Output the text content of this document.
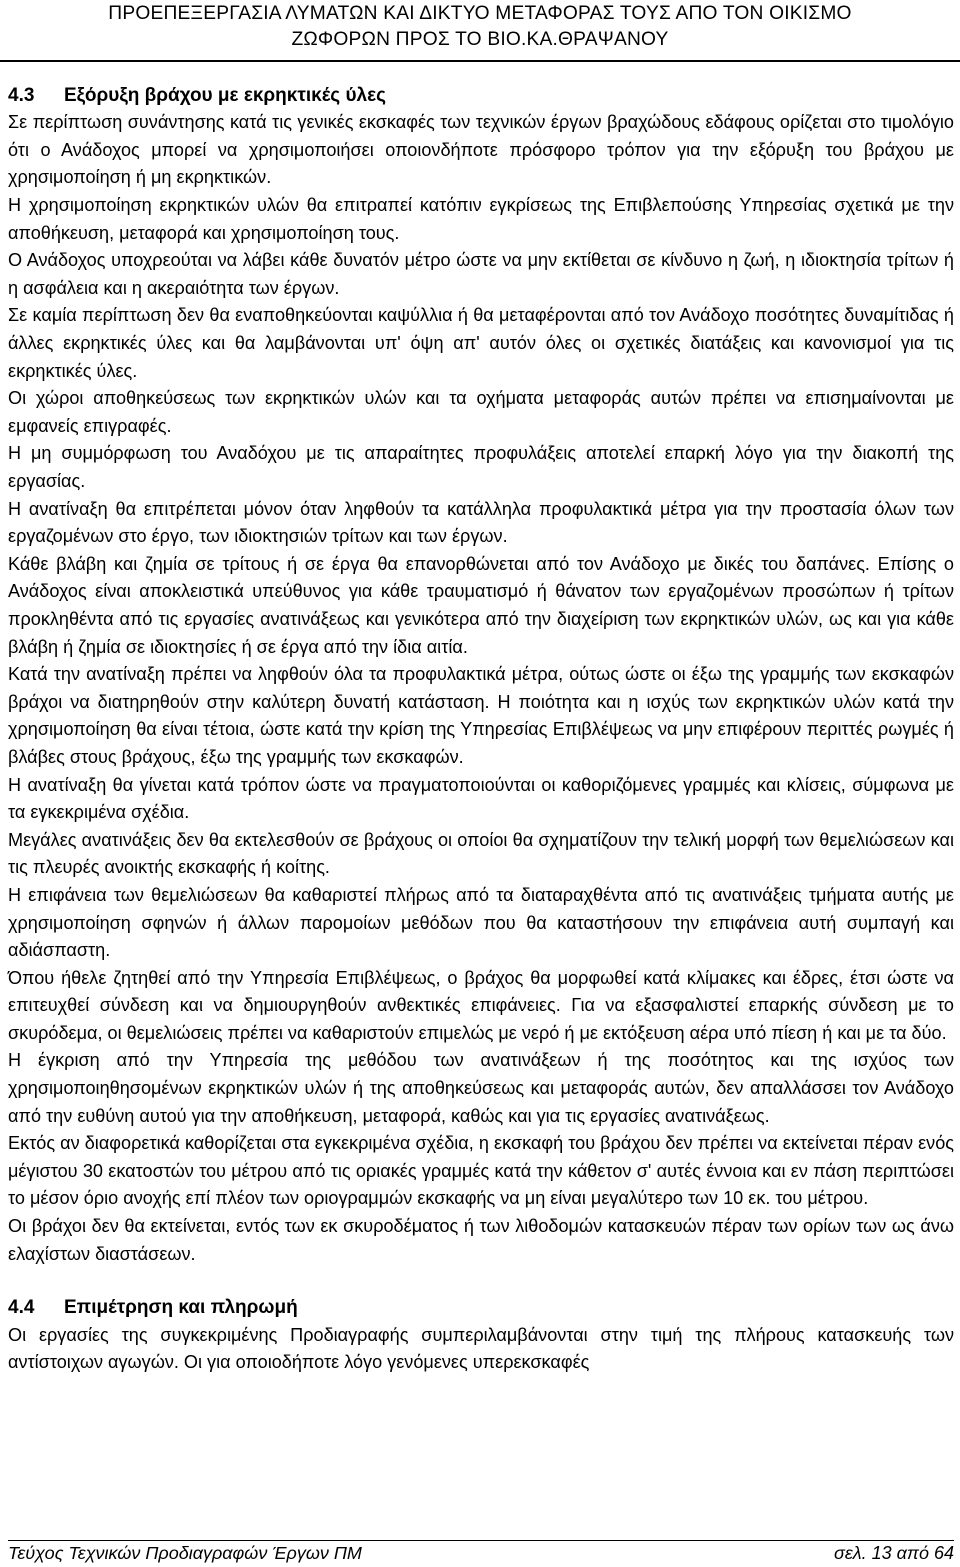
ΠΡΟΕΠΕΞΕΡΓΑΣΙΑ ΛΥΜΑΤΩΝ ΚΑΙ ΔΙΚΤΥΟ ΜΕΤΑΦΟΡΑΣ ΤΟΥΣ ΑΠΟ ΤΟΝ ΟΙΚΙΣΜΟ
ΖΩΦΟΡΩΝ ΠΡΟΣ ΤΟ ΒΙΟ.ΚΑ.ΘΡΑΨΑΝΟΥ
4.3	Εξόρυξη βράχου με εκρηκτικές ύλες

Σε περίπτωση συνάντησης κατά τις γενικές εκσκαφές των τεχνικών έργων βραχώδους εδάφους ορίζεται στο τιμολόγιο ότι ο Ανάδοχος μπορεί να χρησιμοποιήσει οποιονδήποτε πρόσφορο τρόπον για την εξόρυξη του βράχου με χρησιμοποίηση ή μη εκρηκτικών.

Η χρησιμοποίηση εκρηκτικών υλών θα επιτραπεί κατόπιν εγκρίσεως της Επιβλεπούσης Υπηρεσίας σχετικά με την αποθήκευση, μεταφορά και χρησιμοποίηση τους.

Ο Ανάδοχος υποχρεούται να λάβει κάθε δυνατόν μέτρο ώστε να μην εκτίθεται σε κίνδυνο η ζωή, η ιδιοκτησία τρίτων ή η ασφάλεια και η ακεραιότητα των έργων.

Σε καμία περίπτωση δεν θα εναποθηκεύονται καψύλλια ή θα μεταφέρονται από τον Ανάδοχο ποσότητες δυναμίτιδας ή άλλες εκρηκτικές ύλες και θα λαμβάνονται υπ' όψη απ' αυτόν όλες οι σχετικές διατάξεις και κανονισμοί για τις εκρηκτικές ύλες.

Οι χώροι αποθηκεύσεως των εκρηκτικών υλών και τα οχήματα μεταφοράς αυτών πρέπει να επισημαίνονται με εμφανείς επιγραφές.

Η μη συμμόρφωση του Αναδόχου με τις απαραίτητες προφυλάξεις αποτελεί επαρκή λόγο για την διακοπή της εργασίας.

Η ανατίναξη θα επιτρέπεται μόνον όταν ληφθούν τα κατάλληλα προφυλακτικά μέτρα για την προστασία όλων των εργαζομένων στο έργο, των ιδιοκτησιών τρίτων και των έργων.

Κάθε βλάβη και ζημία σε τρίτους ή σε έργα θα επανορθώνεται από τον Ανάδοχο με δικές του δαπάνες. Επίσης ο Ανάδοχος είναι αποκλειστικά υπεύθυνος για κάθε τραυματισμό ή θάνατον των εργαζομένων προσώπων ή τρίτων προκληθέντα από τις εργασίες ανατινάξεως και γενικότερα από την διαχείριση των εκρηκτικών υλών, ως και για κάθε βλάβη ή ζημία σε ιδιοκτησίες ή σε έργα από την ίδια αιτία.

Κατά την ανατίναξη πρέπει να ληφθούν όλα τα προφυλακτικά μέτρα, ούτως ώστε οι έξω της γραμμής των εκσκαφών βράχοι να διατηρηθούν στην καλύτερη δυνατή κατάσταση. Η ποιότητα και η ισχύς των εκρηκτικών υλών κατά την χρησιμοποίηση θα είναι τέτοια, ώστε κατά την κρίση της Υπηρεσίας Επιβλέψεως να μην επιφέρουν περιττές ρωγμές ή βλάβες στους βράχους, έξω της γραμμής των εκσκαφών.

Η ανατίναξη θα γίνεται κατά τρόπον ώστε να πραγματοποιούνται οι καθοριζόμενες γραμμές και κλίσεις, σύμφωνα με τα εγκεκριμένα σχέδια.

Μεγάλες ανατινάξεις δεν θα εκτελεσθούν σε βράχους οι οποίοι θα σχηματίζουν την τελική μορφή των θεμελιώσεων και τις πλευρές ανοικτής εκσκαφής ή κοίτης.

Η επιφάνεια των θεμελιώσεων θα καθαριστεί πλήρως από τα διαταραχθέντα από τις ανατινάξεις τμήματα αυτής με χρησιμοποίηση σφηνών ή άλλων παρομοίων μεθόδων που θα καταστήσουν την επιφάνεια αυτή συμπαγή και αδιάσπαστη.

Όπου ήθελε ζητηθεί από την Υπηρεσία Επιβλέψεως, ο βράχος θα μορφωθεί κατά κλίμακες και έδρες, έτσι ώστε να επιτευχθεί σύνδεση και να δημιουργηθούν ανθεκτικές επιφάνειες. Για να εξασφαλιστεί επαρκής σύνδεση με το σκυρόδεμα, οι θεμελιώσεις πρέπει να καθαριστούν επιμελώς με νερό ή με εκτόξευση αέρα υπό πίεση ή και με τα δύο.

Η έγκριση από την Υπηρεσία της μεθόδου των ανατινάξεων ή της ποσότητος και της ισχύος των χρησιμοποιηθησομένων εκρηκτικών υλών ή της αποθηκεύσεως και μεταφοράς αυτών, δεν απαλλάσσει τον Ανάδοχο από την ευθύνη αυτού για την αποθήκευση, μεταφορά, καθώς και για τις εργασίες ανατινάξεως.

Εκτός αν διαφορετικά καθορίζεται στα εγκεκριμένα σχέδια, η εκσκαφή του βράχου δεν πρέπει να εκτείνεται πέραν ενός μέγιστου 30 εκατοστών του μέτρου από τις οριακές γραμμές κατά την κάθετον σ' αυτές έννοια και εν πάση περιπτώσει το μέσον όριο ανοχής επί πλέον των οριογραμμών εκσκαφής να μη είναι μεγαλύτερο των 10 εκ. του μέτρου.

Οι βράχοι δεν θα εκτείνεται, εντός των εκ σκυροδέματος ή των λιθοδομών κατασκευών πέραν των ορίων των ως άνω ελαχίστων διαστάσεων.

4.4	Επιμέτρηση και πληρωμή

Οι εργασίες της συγκεκριμένης Προδιαγραφής συμπεριλαμβάνονται στην τιμή της πλήρους κατασκευής των αντίστοιχων αγωγών. Οι για οποιοδήποτε λόγο γενόμενες υπερεκσκαφές

Τεύχος Τεχνικών Προδιαγραφών Έργων ΠΜ	σελ. 13 από 64
